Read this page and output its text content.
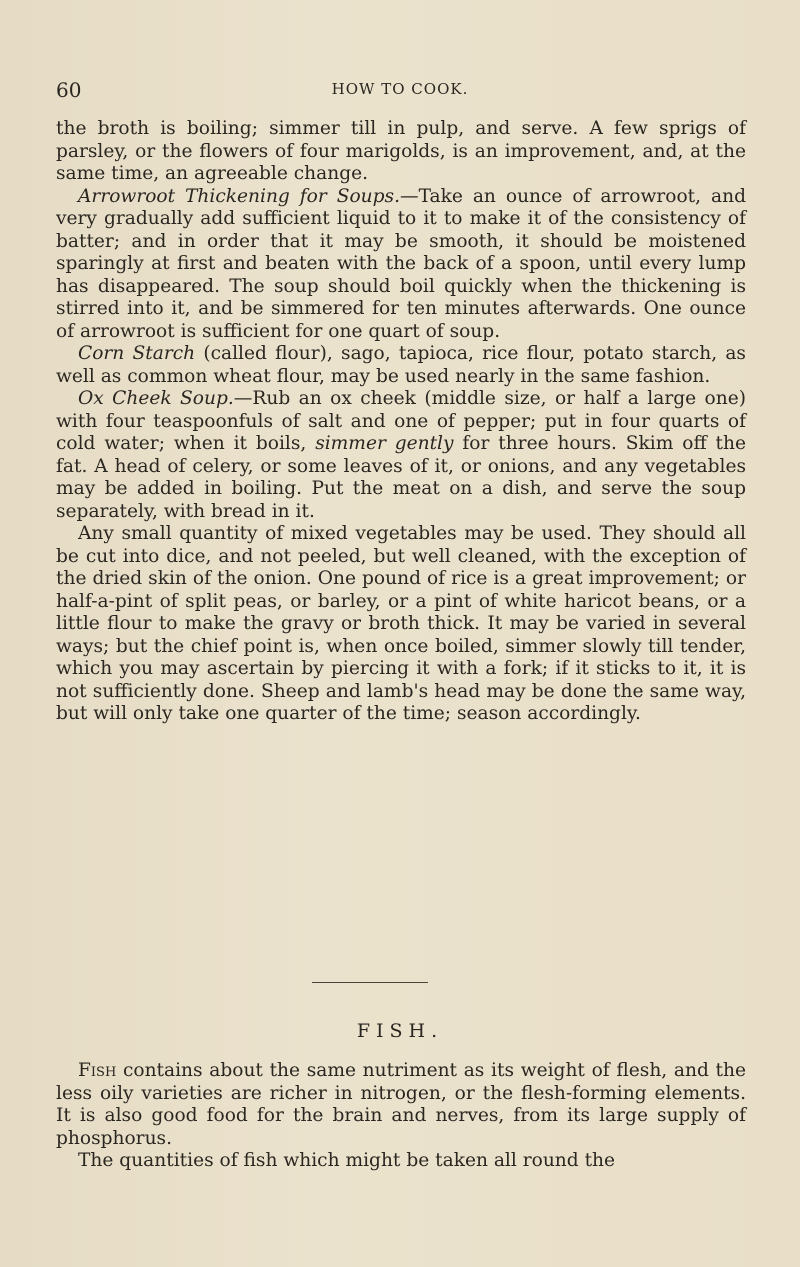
60	HOW TO COOK.

the broth is boiling; simmer till in pulp, and serve. A few sprigs of parsley, or the flowers of four marigolds, is an improvement, and, at the same time, an agreeable change.

Arrowroot Thickening for Soups.—Take an ounce of arrowroot, and very gradually add sufficient liquid to it to make it of the consistency of batter; and in order that it may be smooth, it should be moistened sparingly at first and beaten with the back of a spoon, until every lump has disappeared. The soup should boil quickly when the thickening is stirred into it, and be simmered for ten minutes afterwards. One ounce of arrowroot is sufficient for one quart of soup.

Corn Starch (called flour), sago, tapioca, rice flour, potato starch, as well as common wheat flour, may be used nearly in the same fashion.

Ox Cheek Soup.—Rub an ox cheek (middle size, or half a large one) with four teaspoonfuls of salt and one of pepper; put in four quarts of cold water; when it boils, simmer gently for three hours. Skim off the fat. A head of celery, or some leaves of it, or onions, and any vegetables may be added in boiling. Put the meat on a dish, and serve the soup separately, with bread in it.

Any small quantity of mixed vegetables may be used. They should all be cut into dice, and not peeled, but well cleaned, with the exception of the dried skin of the onion. One pound of rice is a great improvement; or half-a-pint of split peas, or barley, or a pint of white haricot beans, or a little flour to make the gravy or broth thick. It may be varied in several ways; but the chief point is, when once boiled, simmer slowly till tender, which you may ascertain by piercing it with a fork; if it sticks to it, it is not sufficiently done. Sheep and lamb's head may be done the same way, but will only take one quarter of the time; season accordingly.

FISH.

Fish contains about the same nutriment as its weight of flesh, and the less oily varieties are richer in nitrogen, or the flesh-forming elements. It is also good food for the brain and nerves, from its large supply of phosphorus.

The quantities of fish which might be taken all round the
